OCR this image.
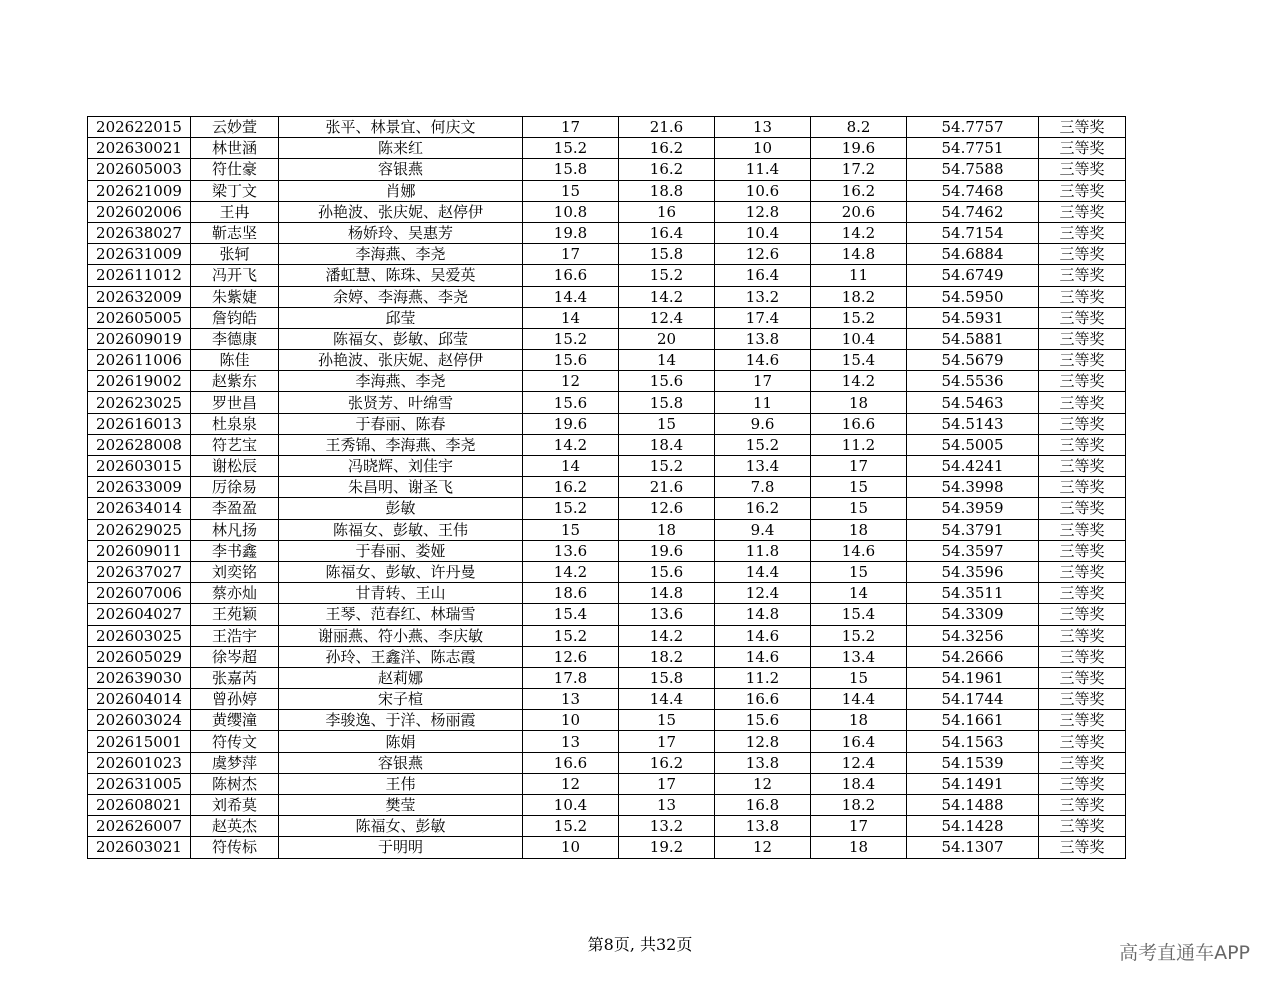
202622015	云妙萱	张平、林景宜、何庆文	17	21.6	13	8.2	54.7757	三等奖
202630021	林世涵	陈来红	15.2	16.2	10	19.6	54.7751	三等奖
202605003	符仕豪	容银燕	15.8	16.2	11.4	17.2	54.7588	三等奖
202621009	梁丁文	肖娜	15	18.8	10.6	16.2	54.7468	三等奖
202602006	王冉	孙艳波、张庆妮、赵停伊	10.8	16	12.8	20.6	54.7462	三等奖
202638027	靳志坚	杨娇玲、吴惠芳	19.8	16.4	10.4	14.2	54.7154	三等奖
202631009	张轲	李海燕、李尧	17	15.8	12.6	14.8	54.6884	三等奖
202611012	冯开飞	潘虹慧、陈珠、吴爱英	16.6	15.2	16.4	11	54.6749	三等奖
202632009	朱紫婕	余婷、李海燕、李尧	14.4	14.2	13.2	18.2	54.5950	三等奖
202605005	詹钧皓	邱莹	14	12.4	17.4	15.2	54.5931	三等奖
202609019	李德康	陈福女、彭敏、邱莹	15.2	20	13.8	10.4	54.5881	三等奖
202611006	陈佳	孙艳波、张庆妮、赵停伊	15.6	14	14.6	15.4	54.5679	三等奖
202619002	赵紫东	李海燕、李尧	12	15.6	17	14.2	54.5536	三等奖
202623025	罗世昌	张贤芳、叶绵雪	15.6	15.8	11	18	54.5463	三等奖
202616013	杜泉泉	于春丽、陈春	19.6	15	9.6	16.6	54.5143	三等奖
202628008	符艺宝	王秀锦、李海燕、李尧	14.2	18.4	15.2	11.2	54.5005	三等奖
202603015	谢松辰	冯晓辉、刘佳宇	14	15.2	13.4	17	54.4241	三等奖
202633009	厉徐易	朱昌明、谢圣飞	16.2	21.6	7.8	15	54.3998	三等奖
202634014	李盈盈	彭敏	15.2	12.6	16.2	15	54.3959	三等奖
202629025	林凡扬	陈福女、彭敏、王伟	15	18	9.4	18	54.3791	三等奖
202609011	李书鑫	于春丽、娄娅	13.6	19.6	11.8	14.6	54.3597	三等奖
202637027	刘奕铭	陈福女、彭敏、许丹曼	14.2	15.6	14.4	15	54.3596	三等奖
202607006	蔡亦灿	甘青转、王山	18.6	14.8	12.4	14	54.3511	三等奖
202604027	王苑颖	王琴、范春红、林瑞雪	15.4	13.6	14.8	15.4	54.3309	三等奖
202603025	王浩宇	谢丽燕、符小燕、李庆敏	15.2	14.2	14.6	15.2	54.3256	三等奖
202605029	徐岑超	孙玲、王鑫洋、陈志霞	12.6	18.2	14.6	13.4	54.2666	三等奖
202639030	张嘉芮	赵莉娜	17.8	15.8	11.2	15	54.1961	三等奖
202604014	曾孙婷	宋子楦	13	14.4	16.6	14.4	54.1744	三等奖
202603024	黄缨潼	李骏逸、于洋、杨丽霞	10	15	15.6	18	54.1661	三等奖
202615001	符传文	陈娟	13	17	12.8	16.4	54.1563	三等奖
202601023	虞梦萍	容银燕	16.6	16.2	13.8	12.4	54.1539	三等奖
202631005	陈树杰	王伟	12	17	12	18.4	54.1491	三等奖
202608021	刘希莫	樊莹	10.4	13	16.8	18.2	54.1488	三等奖
202626007	赵英杰	陈福女、彭敏	15.2	13.2	13.8	17	54.1428	三等奖
202603021	符传标	于明明	10	19.2	12	18	54.1307	三等奖
第8页, 共32页	高考直通车APP
